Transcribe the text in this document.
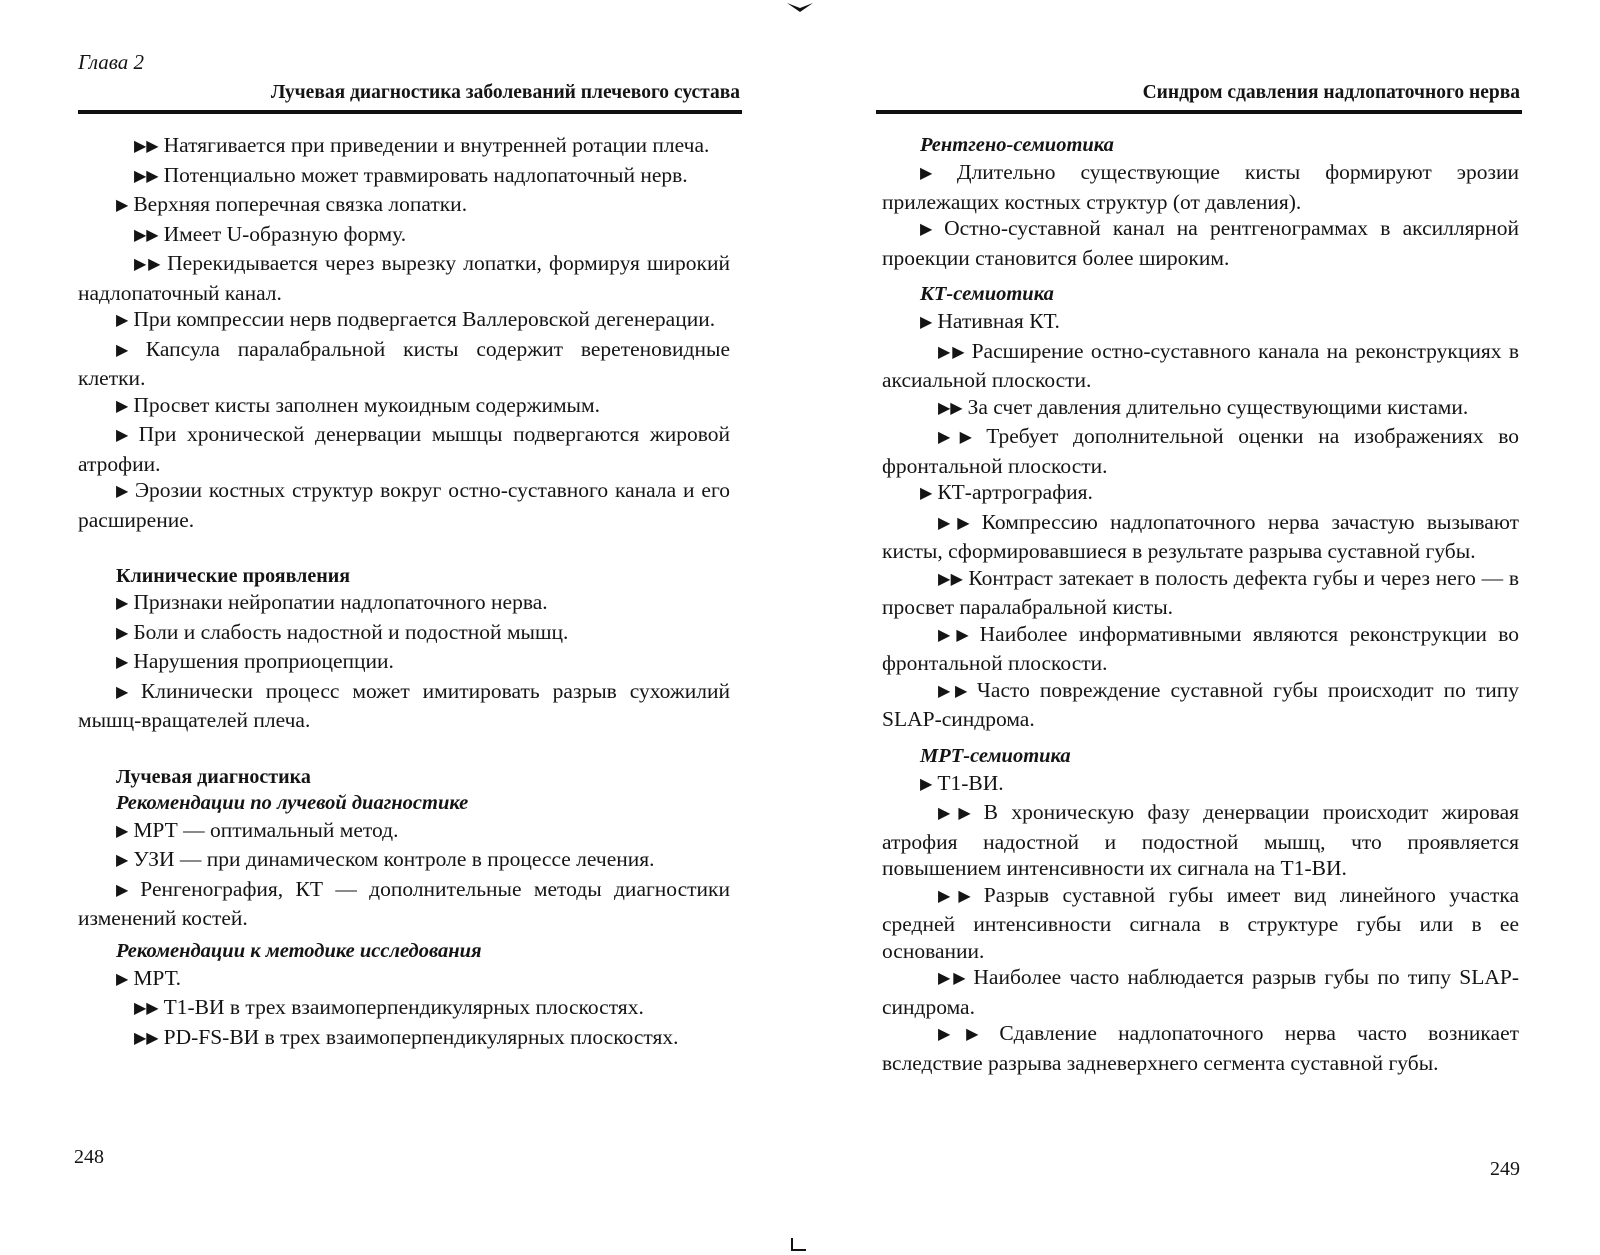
Глава 2

Лучевая диагностика заболеваний плечевого сустава

▶▶ Натягивается при приведении и внутренней ротации плеча.

▶▶ Потенциально может травмировать надлопаточный нерв.

▶ Верхняя поперечная связка лопатки.

▶▶ Имеет U-образную форму.

▶▶ Перекидывается через вырезку лопатки, формируя широкий надлопаточный канал.

▶ При компрессии нерв подвергается Валлеровской дегенерации.

▶ Капсула паралабральной кисты содержит веретеновидные клетки.

▶ Просвет кисты заполнен мукоидным содержимым.

▶ При хронической денервации мышцы подвергаются жировой атрофии.

▶ Эрозии костных структур вокруг остно-суставного канала и его расширение.

Клинические проявления

▶ Признаки нейропатии надлопаточного нерва.

▶ Боли и слабость надостной и подостной мышц.

▶ Нарушения проприоцепции.

▶ Клинически процесс может имитировать разрыв сухожилий мышц-вращателей плеча.

Лучевая диагностика

Рекомендации по лучевой диагностике

▶ МРТ — оптимальный метод.

▶ УЗИ — при динамическом контроле в процессе лечения.

▶ Ренгенография, КТ — дополнительные методы диагностики изменений костей.

Рекомендации к методике исследования

▶ МРТ.

▶▶ Т1-ВИ в трех взаимоперпендикулярных плоскостях.

▶▶ PD-FS-ВИ в трех взаимоперпендикулярных плоскостях.

248

Синдром сдавления надлопаточного нерва

Рентгено-семиотика

▶ Длительно существующие кисты формируют эрозии прилежащих костных структур (от давления).

▶ Остно-суставной канал на рентгенограммах в аксиллярной проекции становится более широким.

КТ-семиотика

▶ Нативная КТ.

▶▶ Расширение остно-суставного канала на реконструкциях в аксиальной плоскости.

▶▶ За счет давления длительно существующими кистами.

▶▶ Требует дополнительной оценки на изображениях во фронтальной плоскости.

▶ КТ-артрография.

▶▶ Компрессию надлопаточного нерва зачастую вызывают кисты, сформировавшиеся в результате разрыва суставной губы.

▶▶ Контраст затекает в полость дефекта губы и через него — в просвет паралабральной кисты.

▶▶ Наиболее информативными являются реконструкции во фронтальной плоскости.

▶▶ Часто повреждение суставной губы происходит по типу SLAP-синдрома.

МРТ-семиотика

▶ Т1-ВИ.

▶▶ В хроническую фазу денервации происходит жировая атрофия надостной и подостной мышц, что проявляется повышением интенсивности их сигнала на Т1-ВИ.

▶▶ Разрыв суставной губы имеет вид линейного участка средней интенсивности сигнала в структуре губы или в ее основании.

▶▶ Наиболее часто наблюдается разрыв губы по типу SLAP-синдрома.

▶▶ Сдавление надлопаточного нерва часто возникает вследствие разрыва задневерхнего сегмента суставной губы.

249
